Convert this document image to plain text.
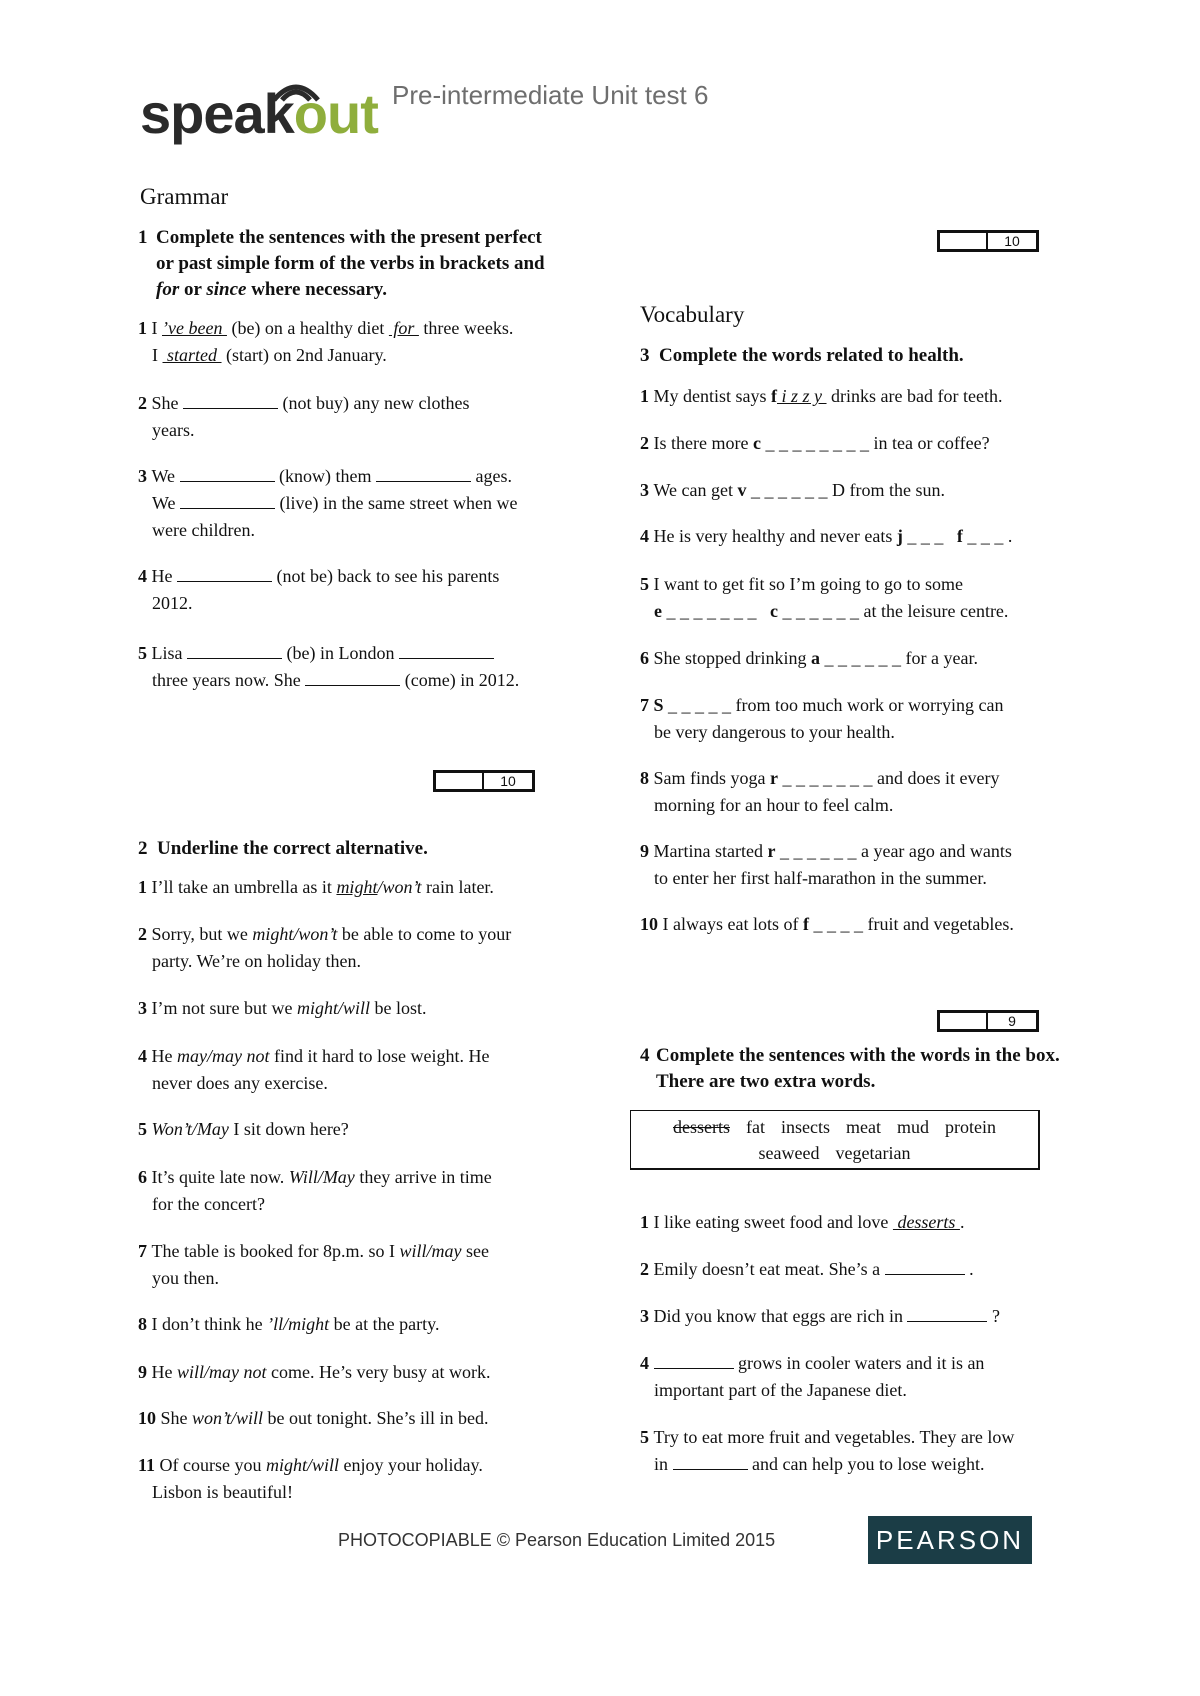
speakout Pre-intermediate Unit test 6
Grammar
1 Complete the sentences with the present perfect or past simple form of the verbs in brackets and for or since where necessary.
1 I ’ve been  (be) on a healthy diet  for  three weeks.
I  started  (start) on 2nd January.
2 She	(not buy) any new clothes
years.
3 We	(know) them	ages.
We	(live) in the same street when we
were children.
4 He	(not be) back to see his parents
2012.
5 Lisa	(be) in London
three years now. She	(come) in 2012.
10
2 Underline the correct alternative.
1 I’ll take an umbrella as it might/won’t rain later.
2 Sorry, but we might/won’t be able to come to your
party. We’re on holiday then.
3 I’m not sure but we might/will be lost.
4 He may/may not find it hard to lose weight. He
never does any exercise.
5 Won’t/May I sit down here?
6 It’s quite late now. Will/May they arrive in time
for the concert?
7 The table is booked for 8p.m. so I will/may see
you then.
8 I don’t think he ’ll/might be at the party.
9 He will/may not come. He’s very busy at work.
10 She won’t/will be out tonight. She’s ill in bed.
11 Of course you might/will enjoy your holiday.
Lisbon is beautiful!
10
Vocabulary
3 Complete the words related to health.
1 My dentist says f i z z y  drinks are bad for teeth.
2 Is there more c _ _ _ _ _ _ _ _ in tea or coffee?
3 We can get v _ _ _ _ _ _ D from the sun.
4 He is very healthy and never eats j _ _ _   f _ _ _ .
5 I want to get fit so I’m going to go to some
e _ _ _ _ _ _ _   c _ _ _ _ _ _ at the leisure centre.
6 She stopped drinking a _ _ _ _ _ _ for a year.
7 S _ _ _ _ _ from too much work or worrying can
be very dangerous to your health.
8 Sam finds yoga r _ _ _ _ _ _ _ and does it every
morning for an hour to feel calm.
9 Martina started r _ _ _ _ _ _ a year ago and wants
to enter her first half-marathon in the summer.
10 I always eat lots of f _ _ _ _ fruit and vegetables.
9
4 Complete the sentences with the words in the box. There are two extra words.
desserts fat insects meat mud protein
seaweed vegetarian
1 I like eating sweet food and love  desserts .
2 Emily doesn’t eat meat. She’s a	.
3 Did you know that eggs are rich in	?
4	grows in cooler waters and it is an
important part of the Japanese diet.
5 Try to eat more fruit and vegetables. They are low
in	and can help you to lose weight.
PHOTOCOPIABLE © Pearson Education Limited 2015	PEARSON
